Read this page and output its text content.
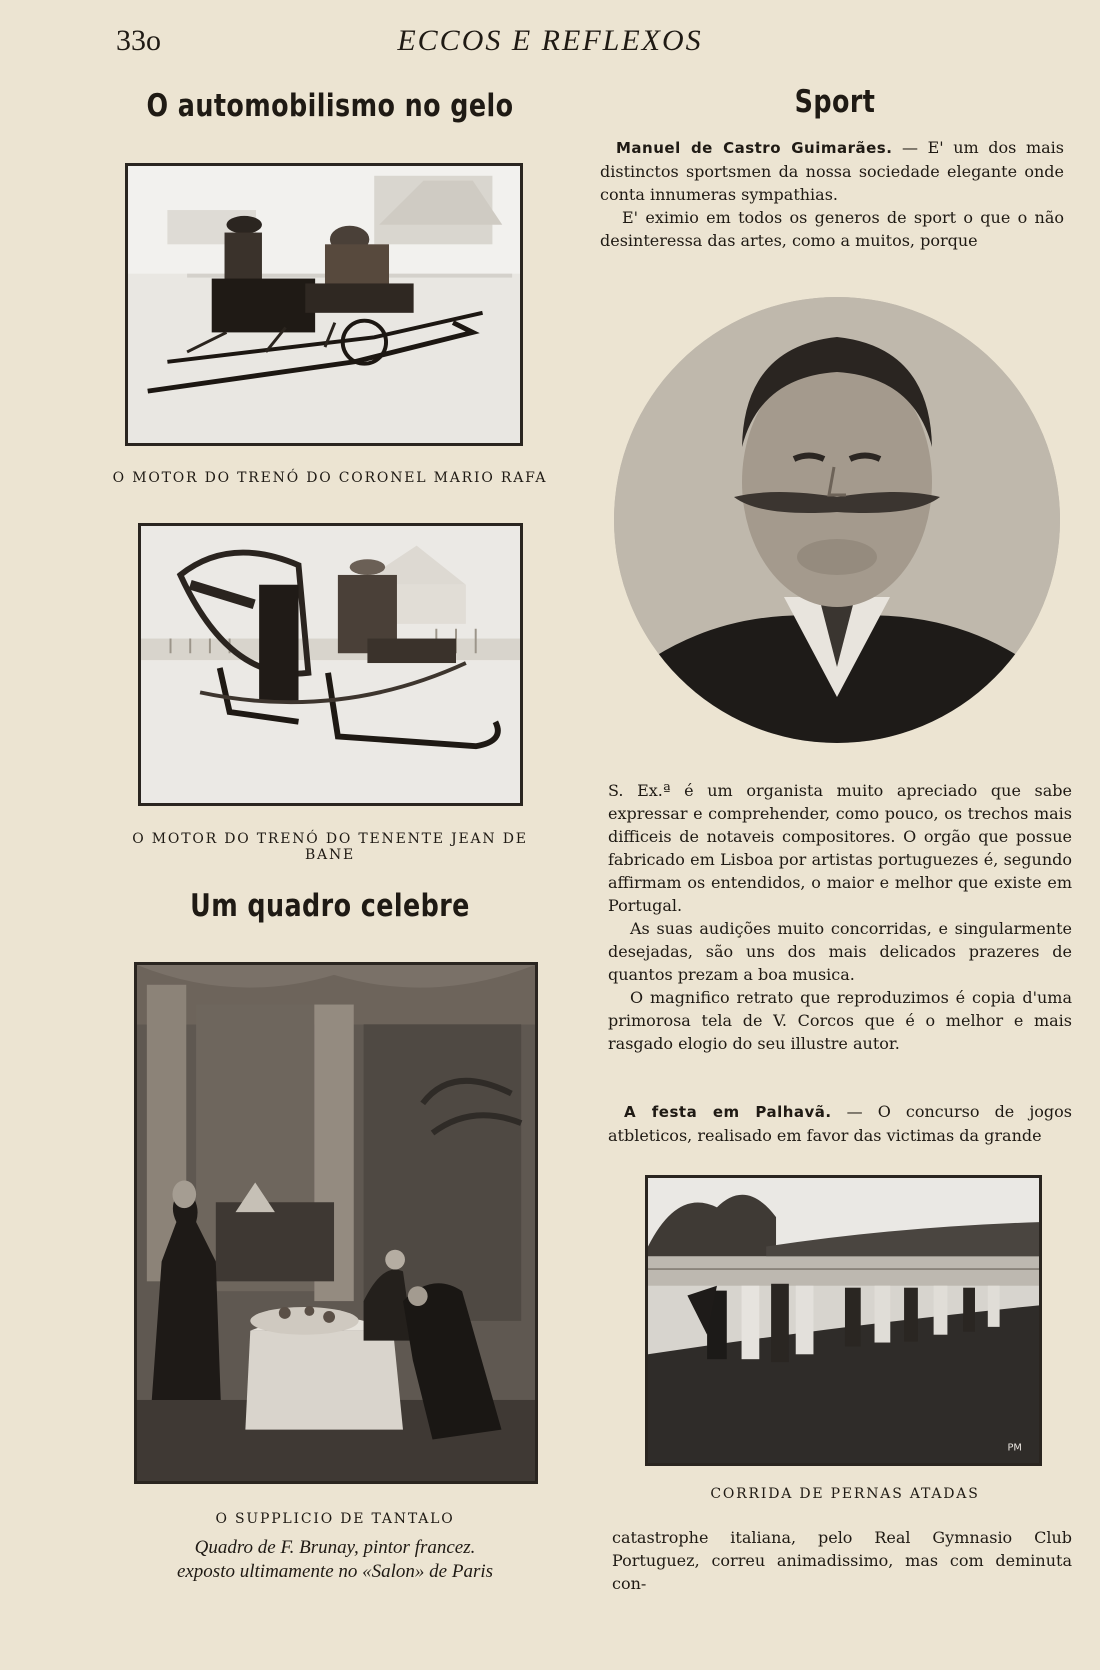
33o	ECCOS E REFLEXOS
O automobilismo no gelo
O MOTOR DO TRENÓ DO CORONEL MARIO RAFA
O MOTOR DO TRENÓ DO TENENTE JEAN DE BANE
Um quadro celebre
O SUPPLICIO DE TANTALO
Quadro de F. Brunay, pintor francez.
exposto ultimamente no «Salon» de Paris
Sport

Manuel de Castro Guimarães. — E' um dos mais distinctos sportsmen da nossa sociedade elegante onde conta innumeras sympathias.

E' eximio em todos os generos de sport o que o não desinteressa das artes, como a muitos, porque

S. Ex.ª é um organista muito apreciado que sabe expressar e comprehender, como pouco, os trechos mais difficeis de notaveis compositores. O orgão que possue fabricado em Lisboa por artistas portuguezes é, segundo affirmam os entendidos, o maior e melhor que existe em Portugal.

As suas audições muito concorridas, e singularmente desejadas, são uns dos mais delicados prazeres de quantos prezam a boa musica.

O magnifico retrato que reproduzimos é copia d'uma primorosa tela de V. Corcos que é o melhor e mais rasgado elogio do seu illustre autor.

A festa em Palhavã. — O concurso de jogos atbleticos, realisado em favor das victimas da grande

PM
CORRIDA DE PERNAS ATADAS

catastrophe italiana, pelo Real Gymnasio Club Portuguez, correu animadissimo, mas com deminuta con-
